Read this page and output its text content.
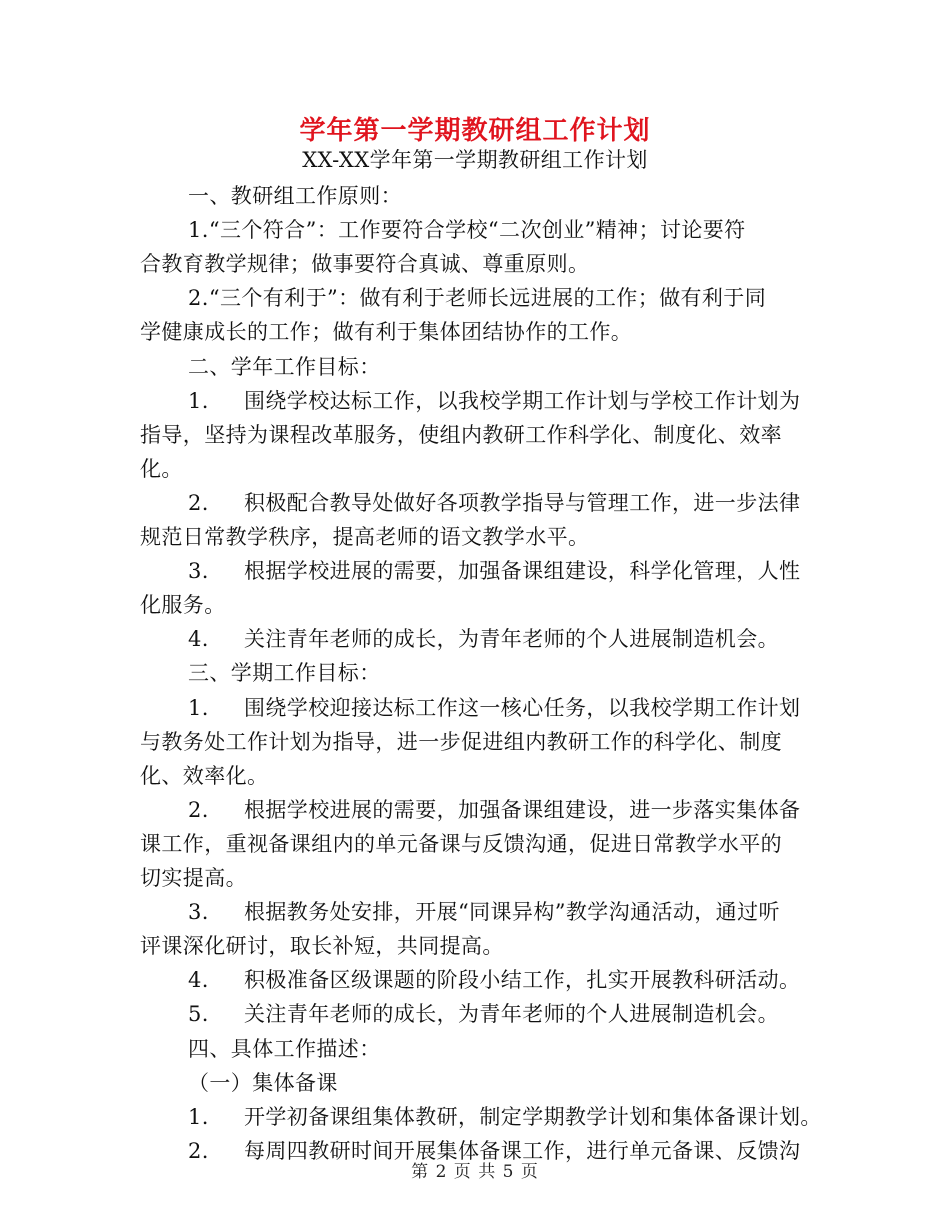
学年第一学期教研组工作计划
XX-XX学年第一学期教研组工作计划
一、教研组工作原则：
1.“三个符合”：工作要符合学校“二次创业”精神；讨论要符
合教育教学规律；做事要符合真诚、尊重原则。
2.“三个有利于”：做有利于老师长远进展的工作；做有利于同
学健康成长的工作；做有利于集体团结协作的工作。
二、学年工作目标：
1. 围绕学校达标工作，以我校学期工作计划与学校工作计划为
指导，坚持为课程改革服务，使组内教研工作科学化、制度化、效率
化。
2. 积极配合教导处做好各项教学指导与管理工作，进一步法律
规范日常教学秩序，提高老师的语文教学水平。
3. 根据学校进展的需要，加强备课组建设，科学化管理，人性
化服务。
4. 关注青年老师的成长，为青年老师的个人进展制造机会。
三、学期工作目标：
1. 围绕学校迎接达标工作这一核心任务，以我校学期工作计划
与教务处工作计划为指导，进一步促进组内教研工作的科学化、制度
化、效率化。
2. 根据学校进展的需要，加强备课组建设，进一步落实集体备
课工作，重视备课组内的单元备课与反馈沟通，促进日常教学水平的
切实提高。
3. 根据教务处安排，开展“同课异构”教学沟通活动，通过听
评课深化研讨，取长补短，共同提高。
4. 积极准备区级课题的阶段小结工作，扎实开展教科研活动。
5. 关注青年老师的成长，为青年老师的个人进展制造机会。
四、具体工作描述：
（一）集体备课
1. 开学初备课组集体教研，制定学期教学计划和集体备课计划。
2. 每周四教研时间开展集体备课工作，进行单元备课、反馈沟
第 2 页 共 5 页
